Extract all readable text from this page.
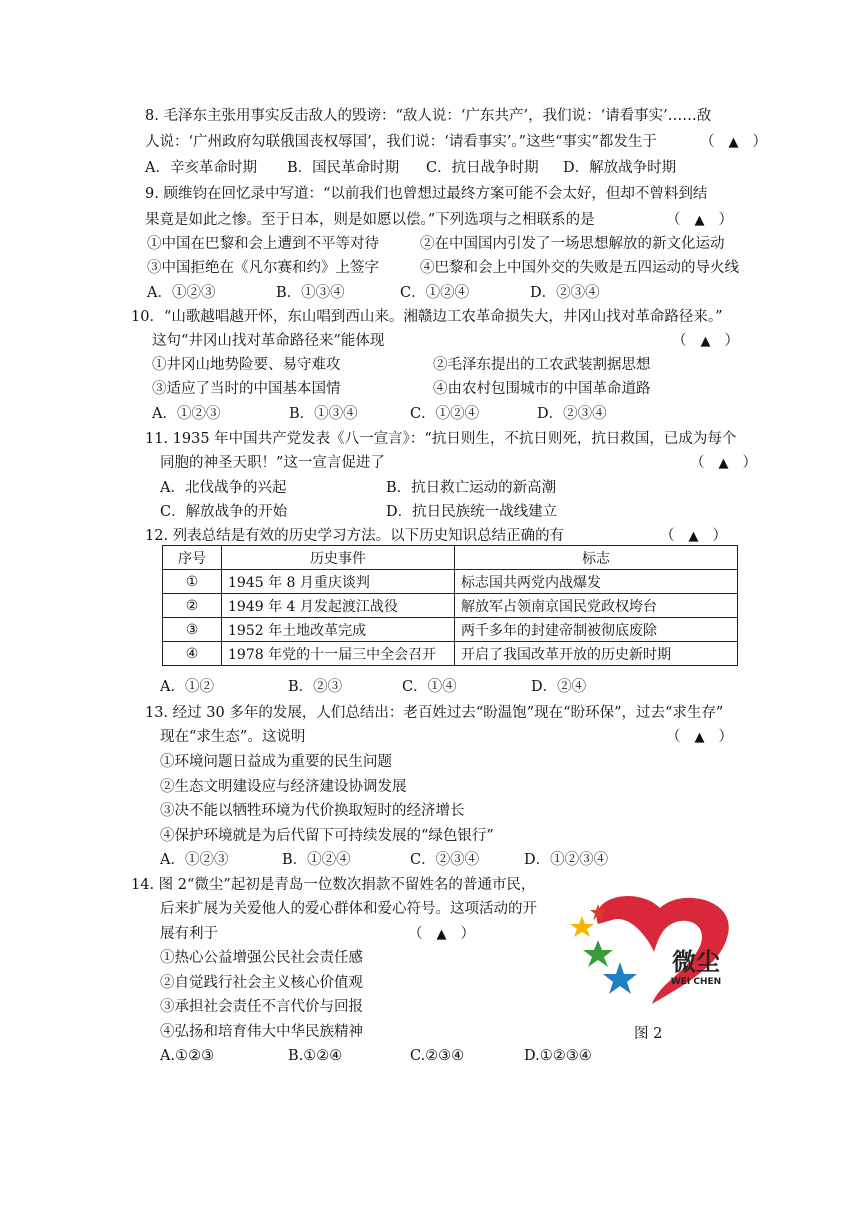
8. 毛泽东主张用事实反击敌人的毁谤：“敌人说：‘广东共产’，我们说：‘请看事实’……敌
人说：‘广州政府勾联俄国丧权辱国’，我们说：‘请看事实’。”这些“事实”都发生于	（ ▲ ）
A．辛亥革命时期 B．国民革命时期 C．抗日战争时期 D．解放战争时期
9. 顾维钧在回忆录中写道：“以前我们也曾想过最终方案可能不会太好，但却不曾料到结
果竟是如此之惨。至于日本，则是如愿以偿。”下列选项与之相联系的是	（ ▲ ）
①中国在巴黎和会上遭到不平等对待	②在中国国内引发了一场思想解放的新文化运动
③中国拒绝在《凡尔赛和约》上签字	④巴黎和会上中国外交的失败是五四运动的导火线
A．①②③	B．①③④	C．①②④	D．②③④
10．“山歌越唱越开怀，东山唱到西山来。湘赣边工农革命损失大，井冈山找对革命路径来。”
这句“井冈山找对革命路径来”能体现	（ ▲ ）
①井冈山地势险要、易守难攻	②毛泽东提出的工农武装割据思想
③适应了当时的中国基本国情	④由农村包围城市的中国革命道路
A．①②③	B．①③④	C．①②④	D．②③④
11. 1935 年中国共产党发表《八一宣言》：“抗日则生，不抗日则死，抗日救国，已成为每个
同胞的神圣天职！”这一宣言促进了	（ ▲ ）
A．北伐战争的兴起	B．抗日救亡运动的新高潮
C．解放战争的开始	D．抗日民族统一战线建立
12. 列表总结是有效的历史学习方法。以下历史知识总结正确的有	（ ▲ ）
序号	历史事件	标志
①	1945 年 8 月重庆谈判	标志国共两党内战爆发
②	1949 年 4 月发起渡江战役	解放军占领南京国民党政权垮台
③	1952 年土地改革完成	两千多年的封建帝制被彻底废除
④	1978 年党的十一届三中全会召开	开启了我国改革开放的历史新时期
A．①②	B．②③	C．①④	D．②④
13. 经过 30 多年的发展，人们总结出：老百姓过去“盼温饱”现在“盼环保”，过去“求生存”
现在“求生态”。这说明	（ ▲ ）
①环境问题日益成为重要的民生问题
②生态文明建设应与经济建设协调发展
③决不能以牺牲环境为代价换取短时的经济增长
④保护环境就是为后代留下可持续发展的“绿色银行”
A．①②③	B．①②④	C．②③④	D．①②③④
14. 图 2“微尘”起初是青岛一位数次捐款不留姓名的普通市民，
后来扩展为关爱他人的爱心群体和爱心符号。这项活动的开
展有利于	（ ▲ ）
①热心公益增强公民社会责任感
②自觉践行社会主义核心价值观
③承担社会责任不言代价与回报
④弘扬和培育伟大中华民族精神
A.①②③	B.①②④	C.②③④	D.①②③④
微尘
WEI CHEN
图 2
